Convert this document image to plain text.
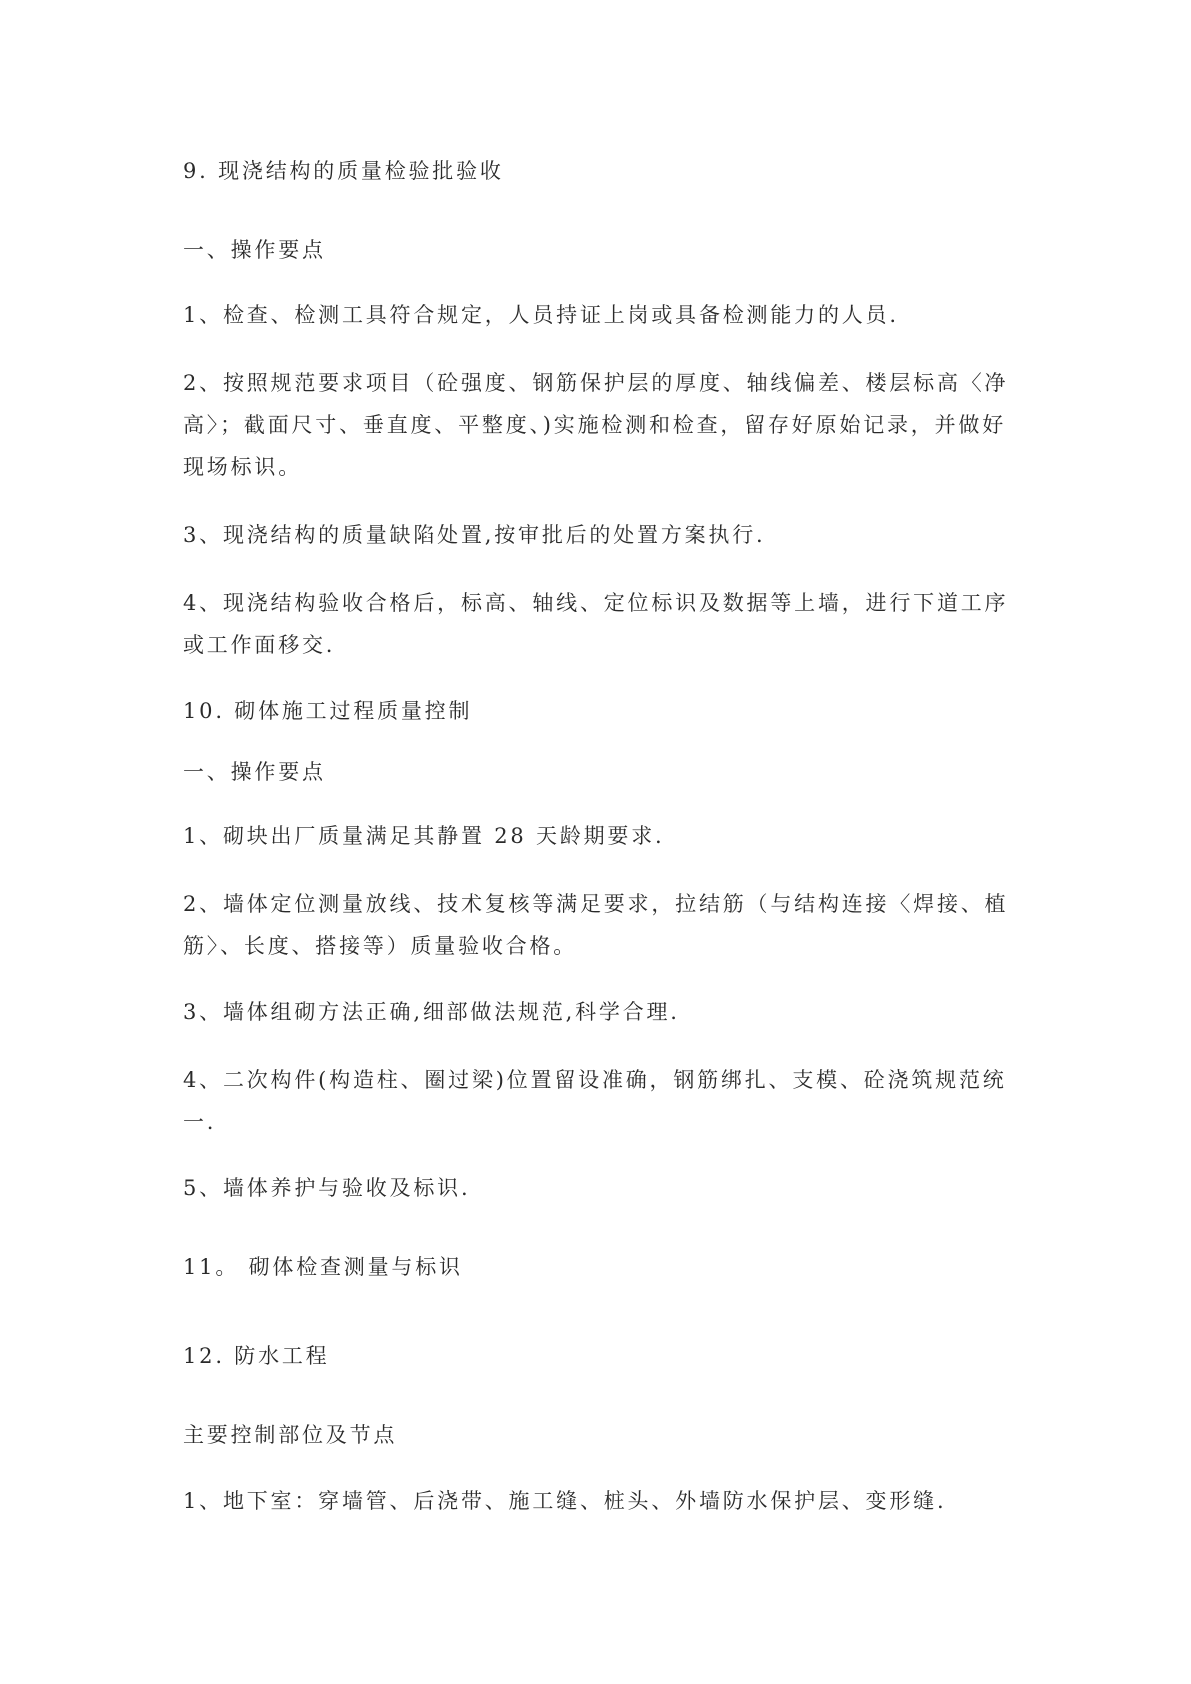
9. 现浇结构的质量检验批验收

一、操作要点

1、检查、检测工具符合规定，人员持证上岗或具备检测能力的人员.

2、按照规范要求项目（砼强度、钢筋保护层的厚度、轴线偏差、楼层标高〈净
高〉；截面尺寸、垂直度、平整度、)实施检测和检查，留存好原始记录，并做好
现场标识。

3、现浇结构的质量缺陷处置,按审批后的处置方案执行.

4、现浇结构验收合格后，标高、轴线、定位标识及数据等上墙，进行下道工序
或工作面移交.

10. 砌体施工过程质量控制

一、操作要点

1、砌块出厂质量满足其静置 28 天龄期要求.

2、墙体定位测量放线、技术复核等满足要求，拉结筋（与结构连接〈焊接、植
筋〉、长度、搭接等）质量验收合格。

3、墙体组砌方法正确,细部做法规范,科学合理.

4、二次构件(构造柱、圈过梁)位置留设准确，钢筋绑扎、支模、砼浇筑规范统
一.

5、墙体养护与验收及标识.

11。 砌体检查测量与标识

12. 防水工程

主要控制部位及节点

1、地下室：穿墙管、后浇带、施工缝、桩头、外墙防水保护层、变形缝.
